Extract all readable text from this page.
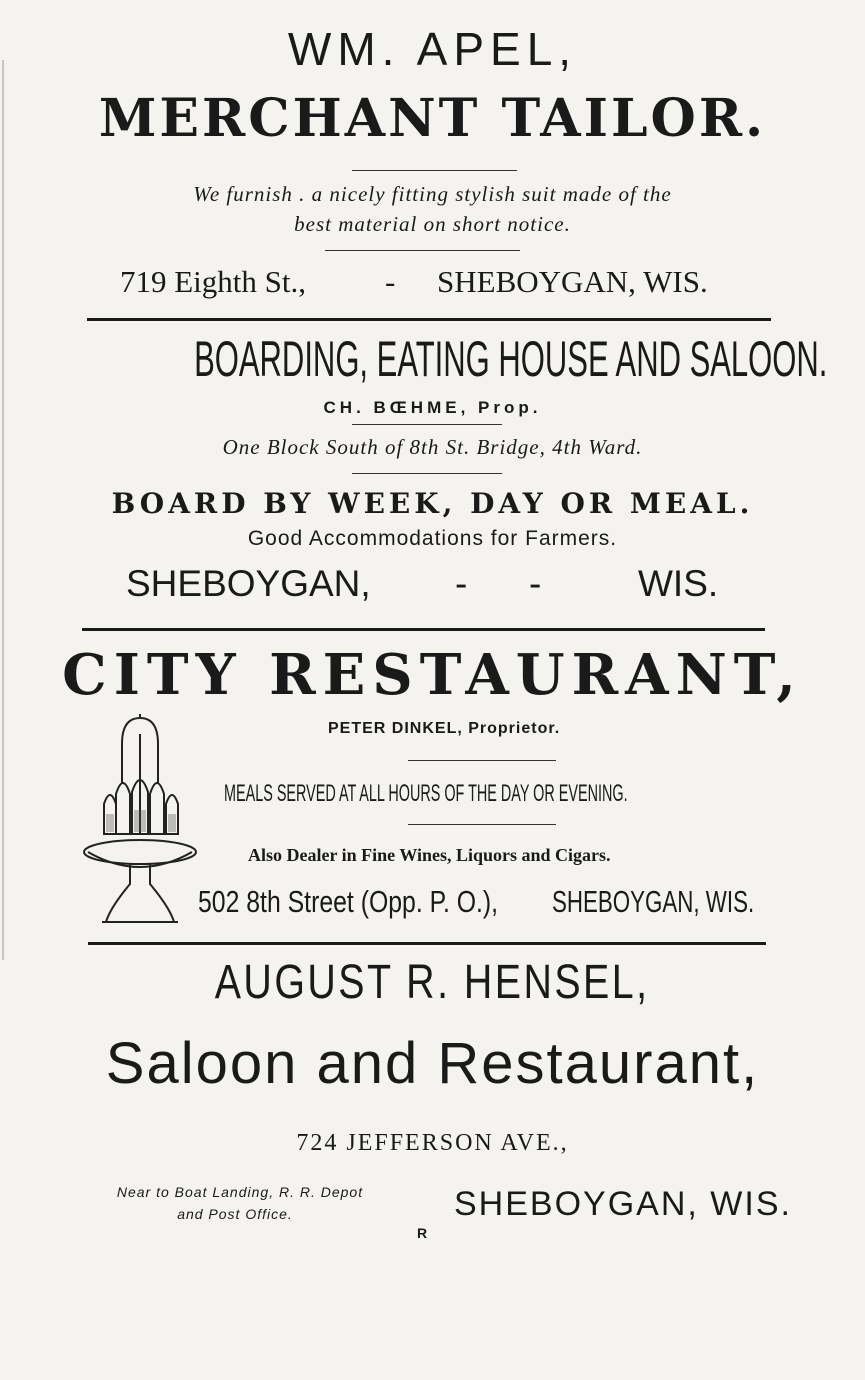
WM. APEL,
MERCHANT TAILOR.
We furnish . a nicely fitting stylish suit made of the
best material on short notice.
719 Eighth St.,	- SHEBOYGAN, WIS.
BOARDING, EATING HOUSE AND SALOON.
CH. BŒHME, Prop.
One Block South of 8th St. Bridge, 4th Ward.
BOARD BY WEEK, DAY OR MEAL.
Good Accommodations for Farmers.
SHEBOYGAN, -      -	WIS.
CITY RESTAURANT,
PETER DINKEL, Proprietor.
MEALS SERVED AT ALL HOURS OF THE DAY OR EVENING.
Also Dealer in Fine Wines, Liquors and Cigars.
502 8th Street (Opp. P. O.),	SHEBOYGAN, WIS.
AUGUST R. HENSEL,
Saloon and Restaurant,
724 JEFFERSON AVE.,
Near to Boat Landing, R. R. Depot
and Post Office.	SHEBOYGAN, WIS.
R
